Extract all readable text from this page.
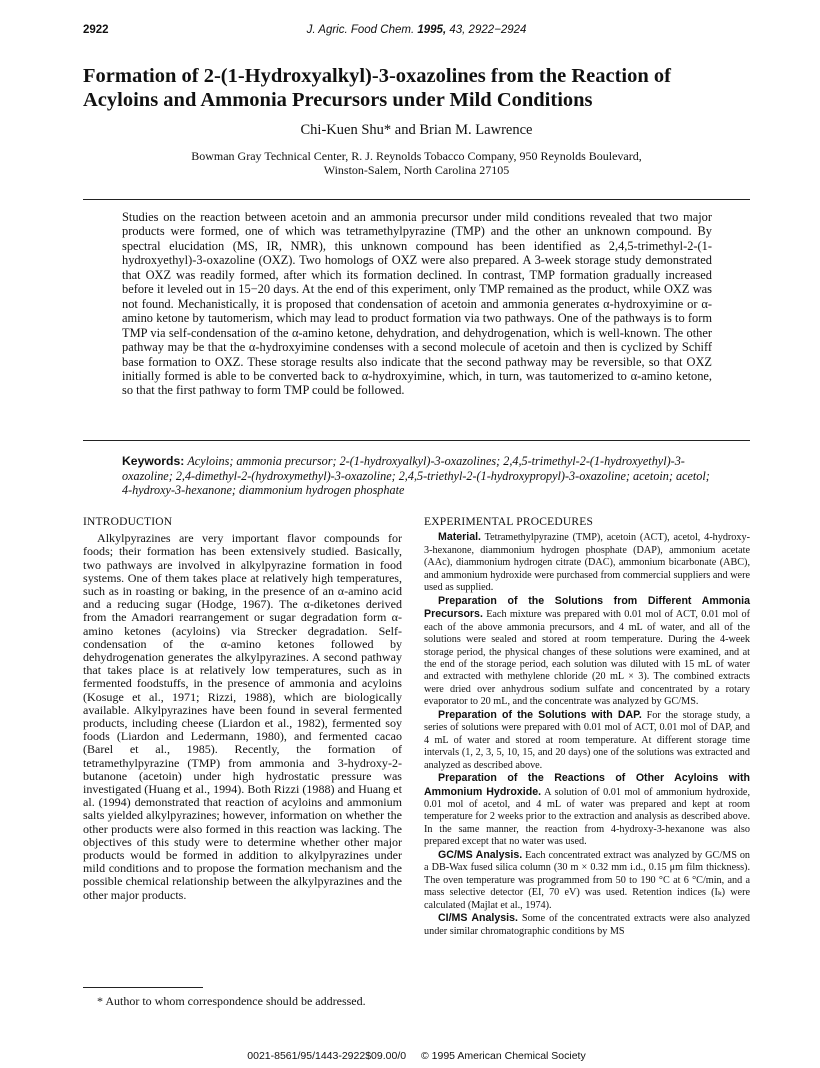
2922	J. Agric. Food Chem. 1995, 43, 2922−2924
Formation of 2-(1-Hydroxyalkyl)-3-oxazolines from the Reaction of Acyloins and Ammonia Precursors under Mild Conditions
Chi-Kuen Shu* and Brian M. Lawrence
Bowman Gray Technical Center, R. J. Reynolds Tobacco Company, 950 Reynolds Boulevard,
Winston-Salem, North Carolina 27105

Studies on the reaction between acetoin and an ammonia precursor under mild conditions revealed that two major products were formed, one of which was tetramethylpyrazine (TMP) and the other an unknown compound. By spectral elucidation (MS, IR, NMR), this unknown compound has been identified as 2,4,5-trimethyl-2-(1-hydroxyethyl)-3-oxazoline (OXZ). Two homologs of OXZ were also prepared. A 3-week storage study demonstrated that OXZ was readily formed, after which its formation declined. In contrast, TMP formation gradually increased before it leveled out in 15−20 days. At the end of this experiment, only TMP remained as the product, while OXZ was not found. Mechanistically, it is proposed that condensation of acetoin and ammonia generates α-hydroxyimine or α-amino ketone by tautomerism, which may lead to product formation via two pathways. One of the pathways is to form TMP via self-condensation of the α-amino ketone, dehydration, and dehydrogenation, which is well-known. The other pathway may be that the α-hydroxyimine condenses with a second molecule of acetoin and then is cyclized by Schiff base formation to OXZ. These storage results also indicate that the second pathway may be reversible, so that OXZ initially formed is able to be converted back to α-hydroxyimine, which, in turn, was tautomerized to α-amino ketone, so that the first pathway to form TMP could be followed.

Keywords: Acyloins; ammonia precursor; 2-(1-hydroxyalkyl)-3-oxazolines; 2,4,5-trimethyl-2-(1-hydroxyethyl)-3-oxazoline; 2,4-dimethyl-2-(hydroxymethyl)-3-oxazoline; 2,4,5-triethyl-2-(1-hydroxypropyl)-3-oxazoline; acetoin; acetol; 4-hydroxy-3-hexanone; diammonium hydrogen phosphate

INTRODUCTION

Alkylpyrazines are very important flavor compounds for foods; their formation has been extensively studied. Basically, two pathways are involved in alkylpyrazine formation in food systems. One of them takes place at relatively high temperatures, such as in roasting or baking, in the presence of an α-amino acid and a reducing sugar (Hodge, 1967). The α-diketones derived from the Amadori rearrangement or sugar degradation form α-amino ketones (acyloins) via Strecker degradation. Self-condensation of the α-amino ketones followed by dehydrogenation generates the alkylpyrazines. A second pathway that takes place is at relatively low temperatures, such as in fermented foodstuffs, in the presence of ammonia and acyloins (Kosuge et al., 1971; Rizzi, 1988), which are biologically available. Alkylpyrazines have been found in several fermented products, including cheese (Liardon et al., 1982), fermented soy foods (Liardon and Ledermann, 1980), and fermented cacao (Barel et al., 1985). Recently, the formation of tetramethylpyrazine (TMP) from ammonia and 3-hydroxy-2-butanone (acetoin) under high hydrostatic pressure was investigated (Huang et al., 1994). Both Rizzi (1988) and Huang et al. (1994) demonstrated that reaction of acyloins and ammonium salts yielded alkylpyrazines; however, information on whether the other products were also formed in this reaction was lacking. The objectives of this study were to determine whether other major products would be formed in addition to alkylpyrazines under mild conditions and to propose the formation mechanism and the possible chemical relationship between the alkylpyrazines and the other major products.

* Author to whom correspondence should be addressed.

EXPERIMENTAL PROCEDURES

Material. Tetramethylpyrazine (TMP), acetoin (ACT), acetol, 4-hydroxy-3-hexanone, diammonium hydrogen phosphate (DAP), ammonium acetate (AAc), diammonium hydrogen citrate (DAC), ammonium bicarbonate (ABC), and ammonium hydroxide were purchased from commercial suppliers and were used as supplied.

Preparation of the Solutions from Different Ammonia Precursors. Each mixture was prepared with 0.01 mol of ACT, 0.01 mol of each of the above ammonia precursors, and 4 mL of water, and all of the solutions were sealed and stored at room temperature. During the 4-week storage period, the physical changes of these solutions were examined, and at the end of the storage period, each solution was diluted with 15 mL of water and extracted with methylene chloride (20 mL × 3). The combined extracts were dried over anhydrous sodium sulfate and concentrated by a rotary evaporator to 20 mL, and the concentrate was analyzed by GC/MS.

Preparation of the Solutions with DAP. For the storage study, a series of solutions were prepared with 0.01 mol of ACT, 0.01 mol of DAP, and 4 mL of water and stored at room temperature. At different storage time intervals (1, 2, 3, 5, 10, 15, and 20 days) one of the solutions was extracted and analyzed as described above.

Preparation of the Reactions of Other Acyloins with Ammonium Hydroxide. A solution of 0.01 mol of ammonium hydroxide, 0.01 mol of acetol, and 4 mL of water was prepared and kept at room temperature for 2 weeks prior to the extraction and analysis as described above. In the same manner, the reaction from 4-hydroxy-3-hexanone was also prepared except that no water was used.

GC/MS Analysis. Each concentrated extract was analyzed by GC/MS on a DB-Wax fused silica column (30 m × 0.32 mm i.d., 0.15 μm film thickness). The oven temperature was programmed from 50 to 190 °C at 6 °C/min, and a mass selective detector (EI, 70 eV) was used. Retention indices (Iₖ) were calculated (Majlat et al., 1974).

CI/MS Analysis. Some of the concentrated extracts were also analyzed under similar chromatographic conditions by MS

0021-8561/95/1443-2922$09.00/0 © 1995 American Chemical Society
